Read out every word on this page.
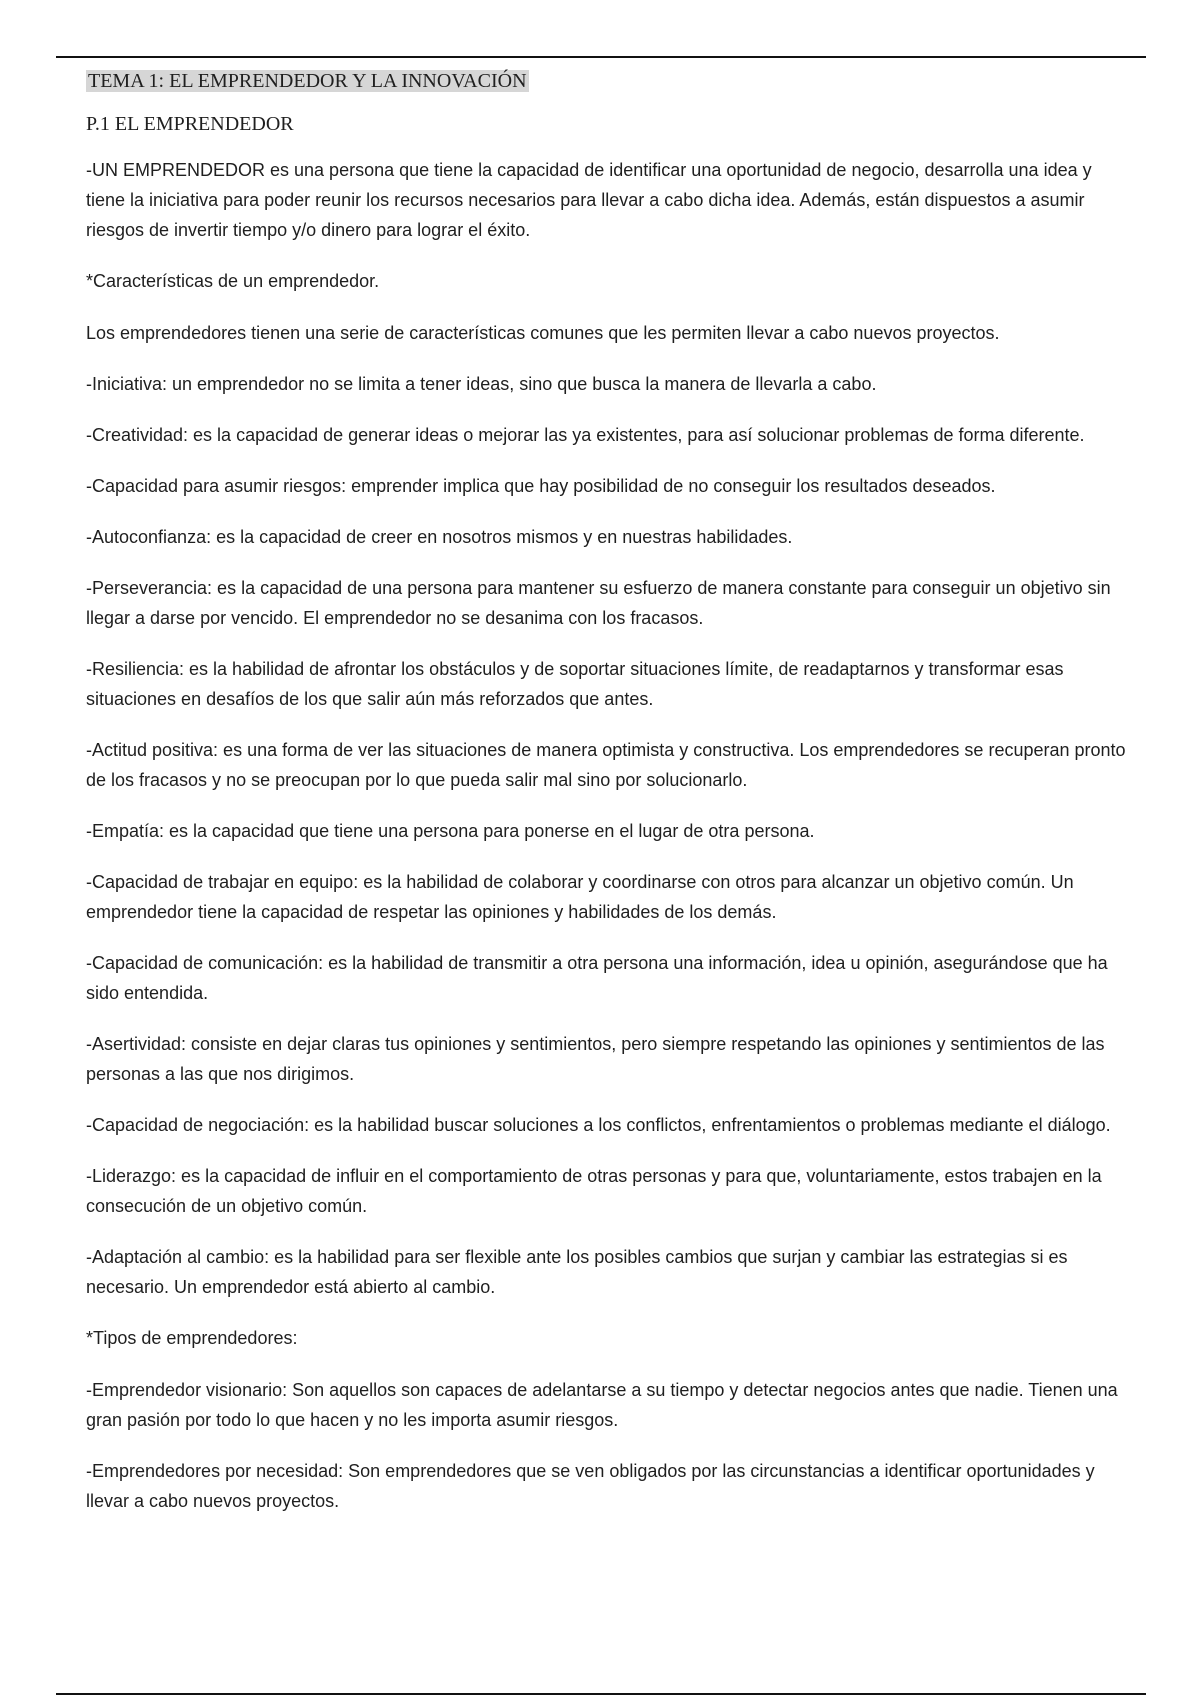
TEMA 1: EL EMPRENDEDOR Y LA INNOVACIÓN
P.1 EL EMPRENDEDOR

-UN EMPRENDEDOR es una persona que tiene la capacidad de identificar una oportunidad de negocio, desarrolla una idea y tiene la iniciativa para poder reunir los recursos necesarios para llevar a cabo dicha idea. Además, están dispuestos a asumir riesgos de invertir tiempo y/o dinero para lograr el éxito.

*Características de un emprendedor.

Los emprendedores tienen una serie de características comunes que les permiten llevar a cabo nuevos proyectos.

-Iniciativa: un emprendedor no se limita a tener ideas, sino que busca la manera de llevarla a cabo.

-Creatividad: es la capacidad de generar ideas o mejorar las ya existentes, para así solucionar problemas de forma diferente.

-Capacidad para asumir riesgos: emprender implica que hay posibilidad de no conseguir los resultados deseados.

-Autoconfianza: es la capacidad de creer en nosotros mismos y en nuestras habilidades.

-Perseverancia: es la capacidad de una persona para mantener su esfuerzo de manera constante para conseguir un objetivo sin llegar a darse por vencido. El emprendedor no se desanima con los fracasos.

-Resiliencia: es la habilidad de afrontar los obstáculos y de soportar situaciones límite, de readaptarnos y transformar esas situaciones en desafíos de los que salir aún más reforzados que antes.

-Actitud positiva: es una forma de ver las situaciones de manera optimista y constructiva. Los emprendedores se recuperan pronto de los fracasos y no se preocupan por lo que pueda salir mal sino por solucionarlo.

-Empatía: es la capacidad que tiene una persona para ponerse en el lugar de otra persona.

-Capacidad de trabajar en equipo: es la habilidad de colaborar y coordinarse con otros para alcanzar un objetivo común. Un emprendedor tiene la capacidad de respetar las opiniones y habilidades de los demás.

-Capacidad de comunicación: es la habilidad de transmitir a otra persona una información, idea u opinión, asegurándose que ha sido entendida.

-Asertividad: consiste en dejar claras tus opiniones y sentimientos, pero siempre respetando las opiniones y sentimientos de las personas a las que nos dirigimos.

-Capacidad de negociación: es la habilidad buscar soluciones a los conflictos, enfrentamientos o problemas mediante el diálogo.

-Liderazgo: es la capacidad de influir en el comportamiento de otras personas y para que, voluntariamente, estos trabajen en la consecución de un objetivo común.

-Adaptación al cambio: es la habilidad para ser flexible ante los posibles cambios que surjan y cambiar las estrategias si es necesario. Un emprendedor está abierto al cambio.

*Tipos de emprendedores:

-Emprendedor visionario: Son aquellos son capaces de adelantarse a su tiempo y detectar negocios antes que nadie. Tienen una gran pasión por todo lo que hacen y no les importa asumir riesgos.

-Emprendedores por necesidad: Son emprendedores que se ven obligados por las circunstancias a identificar oportunidades y llevar a cabo nuevos proyectos.
